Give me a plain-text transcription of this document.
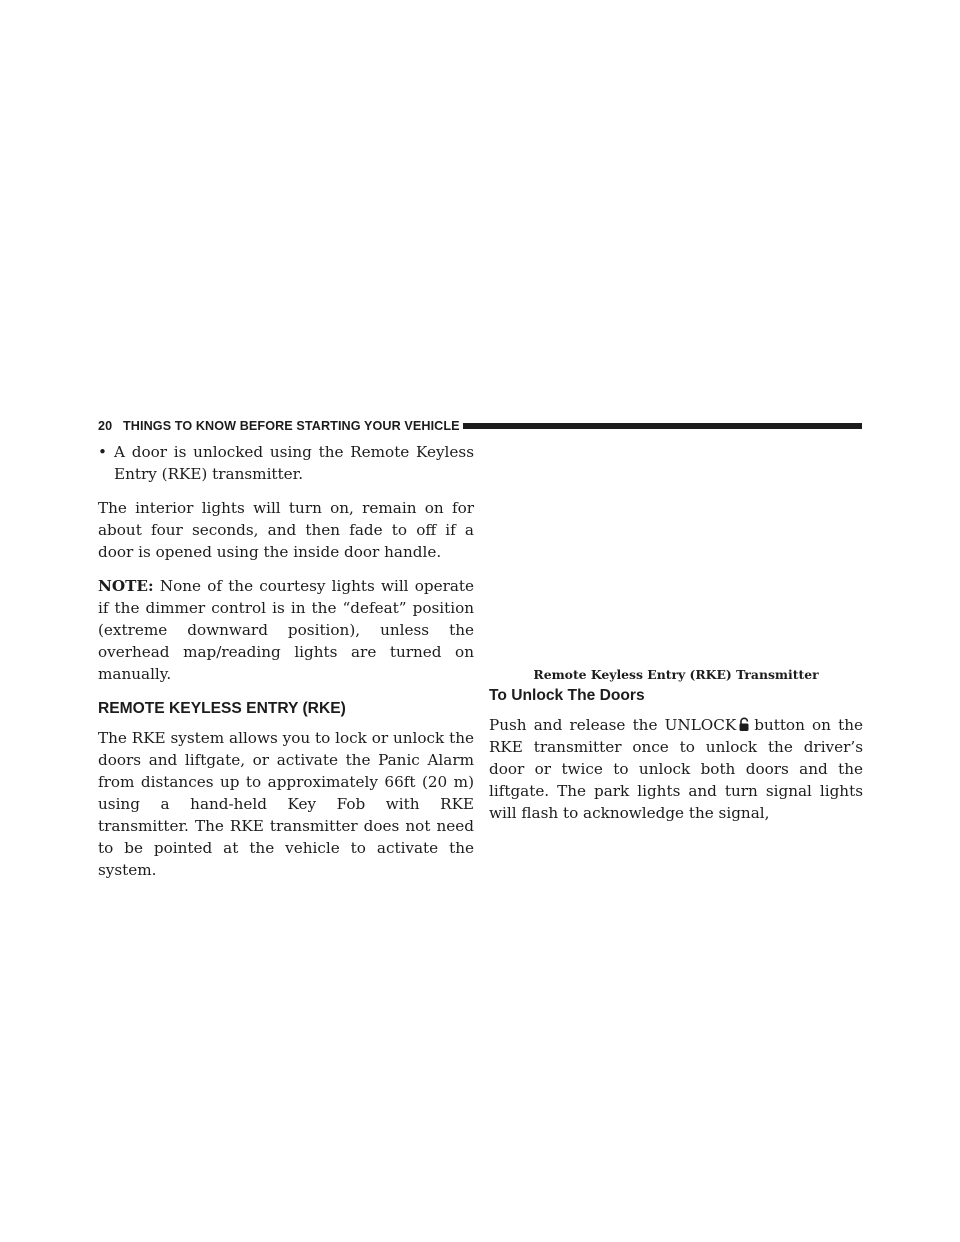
20 THINGS TO KNOW BEFORE STARTING YOUR VEHICLE

• A door is unlocked using the Remote Keyless Entry (RKE) transmitter.

The interior lights will turn on, remain on for about four seconds, and then fade to off if a door is opened using the inside door handle.

NOTE: None of the courtesy lights will operate if the dimmer control is in the “defeat” position (extreme downward position), unless the overhead map/reading lights are turned on manually.

REMOTE KEYLESS ENTRY (RKE)

The RKE system allows you to lock or unlock the doors and liftgate, or activate the Panic Alarm from distances up to approximately 66ft (20 m) using a hand-held Key Fob with RKE transmitter. The RKE transmitter does not need to be pointed at the vehicle to activate the system.

Remote Keyless Entry (RKE) Transmitter
To Unlock The Doors

Push and release the UNLOCK button on the RKE transmitter once to unlock the driver’s door or twice to unlock both doors and the liftgate. The park lights and turn signal lights will flash to acknowledge the signal,
